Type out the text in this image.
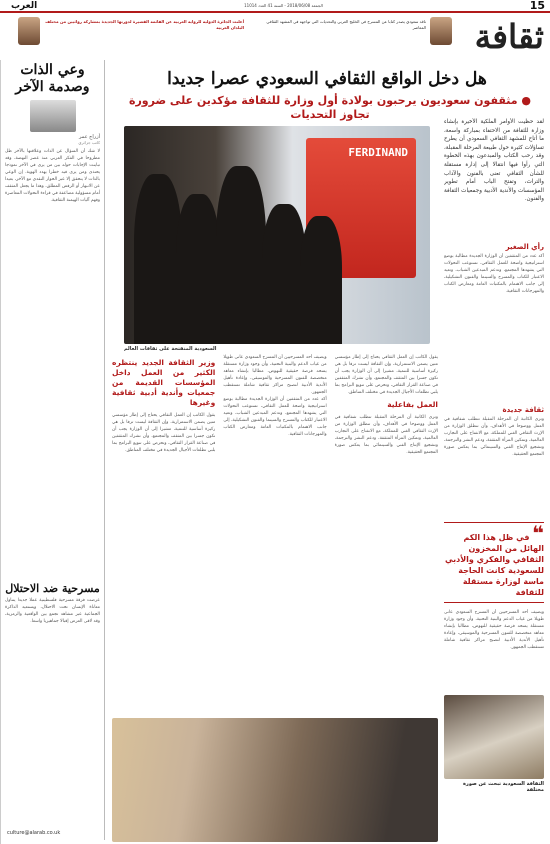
15
الجمعة 2018/06/08 - السنة 41 العدد 11014
العرب
ثقافة
ناقد سعودي يصدر كتابا عن المسرح في الخليج العربي والتحديات التي تواجهه في المشهد الثقافي المعاصر
أعلنت الجائزة الدولية للرواية العربية عن القائمة القصيرة لدورتها الجديدة بمشاركة روائيين من مختلف البلدان العربية
وعي الذات وصدمة الآخر
أزراج عمر
كاتب جزائري
لا شك أن السؤال عن الذات وعلاقتها بالآخر ظل مطروحا في الفكر العربي منذ عصر النهضة، وقد تباينت الإجابات حوله بين من يرى في الآخر نموذجا يحتذى ومن يرى فيه خطرا يهدد الهوية. إن الوعي بالذات لا يتحقق إلا عبر الحوار النقدي مع الآخر، بعيدا عن الانبهار أو الرفض المطلق، وهذا ما يجعل المثقف أمام مسؤولية مضاعفة في قراءة التحولات المعاصرة وفهم آليات الهيمنة الثقافية.
مسرحية ضد الاحتلال
عرضت فرقة مسرحية فلسطينية عملا جديدا يتناول معاناة الإنسان تحت الاحتلال، ويستعيد الذاكرة الجماعية عبر مشاهد تجمع بين الواقعية والرمزية، وقد لاقى العرض إقبالا جماهيريا واسعا.
culture@alarab.co.uk
هل دخل الواقع الثقافي السعودي عصرا جديدا
● مثقفون سعوديون يرحبون بولادة أول وزارة للثقافة مؤكدين على ضرورة تجاوز التحديات
لقد حظيت الأوامر الملكية الأخيرة بإنشاء وزارة للثقافة من الاحتفاء بمباركة واسعة، ما أتاح للمشهد الثقافي السعودي أن يطرح تساؤلات كثيرة حول طبيعة المرحلة المقبلة، وقد رحب الكتاب والمبدعون بهذه الخطوة التي رأوا فيها انتقالا إلى إدارة مستقلة للشأن الثقافي تعنى بالفنون والآداب والتراث، وتفتح الباب أمام تطوير المؤسسات والأندية الأدبية وجمعيات الثقافة والفنون.
رأي الصغير
أكد عدد من المثقفين أن الوزارة الجديدة مطالبة بوضع استراتيجية واضحة للعمل الثقافي، تستوعب التحولات التي يشهدها المجتمع، وتدعم المبدعين الشباب، وتعيد الاعتبار للكتاب والمسرح والسينما والفنون التشكيلية، إلى جانب الاهتمام بالمكتبات العامة ومعارض الكتاب والمهرجانات الثقافية.
ثقافة جديدة
وترى الكاتبة أن المرحلة المقبلة تتطلب شفافية في العمل ووضوحا في الأهداف، وأن تنطلق الوزارة من الإرث الثقافي الغني للمملكة، مع الانفتاح على التجارب العالمية، وتمكين المرأة المثقفة، ودعم النشر والترجمة، وتشجيع الإنتاج الفني والسينمائي بما يعكس صورة المجتمع الحقيقية.
❝ في ظل هذا الكم الهائل من المخزون الثقافي والفكري والأدبي للسعودية كانت الحاجة ماسة لوزارة مستقلة للثقافة
ويضيف أحد المسرحيين أن المسرح السعودي عانى طويلا من غياب الدعم والبنية التحتية، وأن وجود وزارة مستقلة يمنحه فرصة حقيقية للنهوض، مطالبا بإنشاء معاهد متخصصة للفنون المسرحية والموسيقى، وإعادة تأهيل الأندية الأدبية لتصبح مراكز ثقافية شاملة تستقطب الجمهور.
الثقافة السعودية تبحث عن صورة مختلفة
FERDINAND
السعودية المنفتحة على ثقافات العالم
يقول الكاتب إن العمل الثقافي يحتاج إلى إطار مؤسسي متين يضمن الاستمرارية، وإن الثقافة ليست ترفا بل هي ركيزة أساسية للتنمية، مشيرا إلى أن الوزارة يجب أن تكون جسرا بين المثقف والمجتمع، وأن تشرك المثقفين في صناعة القرار الثقافي، وتحرص على تنويع البرامج بما يلبي تطلعات الأجيال الجديدة في مختلف المناطق.
العمل بفاعلية
وترى الكاتبة أن المرحلة المقبلة تتطلب شفافية في العمل ووضوحا في الأهداف، وأن تنطلق الوزارة من الإرث الثقافي الغني للمملكة، مع الانفتاح على التجارب العالمية، وتمكين المرأة المثقفة، ودعم النشر والترجمة، وتشجيع الإنتاج الفني والسينمائي بما يعكس صورة المجتمع الحقيقية.
ويضيف أحد المسرحيين أن المسرح السعودي عانى طويلا من غياب الدعم والبنية التحتية، وأن وجود وزارة مستقلة يمنحه فرصة حقيقية للنهوض، مطالبا بإنشاء معاهد متخصصة للفنون المسرحية والموسيقى، وإعادة تأهيل الأندية الأدبية لتصبح مراكز ثقافية شاملة تستقطب الجمهور.
أكد عدد من المثقفين أن الوزارة الجديدة مطالبة بوضع استراتيجية واضحة للعمل الثقافي، تستوعب التحولات التي يشهدها المجتمع، وتدعم المبدعين الشباب، وتعيد الاعتبار للكتاب والمسرح والسينما والفنون التشكيلية، إلى جانب الاهتمام بالمكتبات العامة ومعارض الكتاب والمهرجانات الثقافية.
وزير الثقافة الجديد ينتظره الكثير من العمل داخل المؤسسات القديمة من جمعيات وأندية أدبية ثقافية وغيرها
يقول الكاتب إن العمل الثقافي يحتاج إلى إطار مؤسسي متين يضمن الاستمرارية، وإن الثقافة ليست ترفا بل هي ركيزة أساسية للتنمية، مشيرا إلى أن الوزارة يجب أن تكون جسرا بين المثقف والمجتمع، وأن تشرك المثقفين في صناعة القرار الثقافي، وتحرص على تنويع البرامج بما يلبي تطلعات الأجيال الجديدة في مختلف المناطق.
